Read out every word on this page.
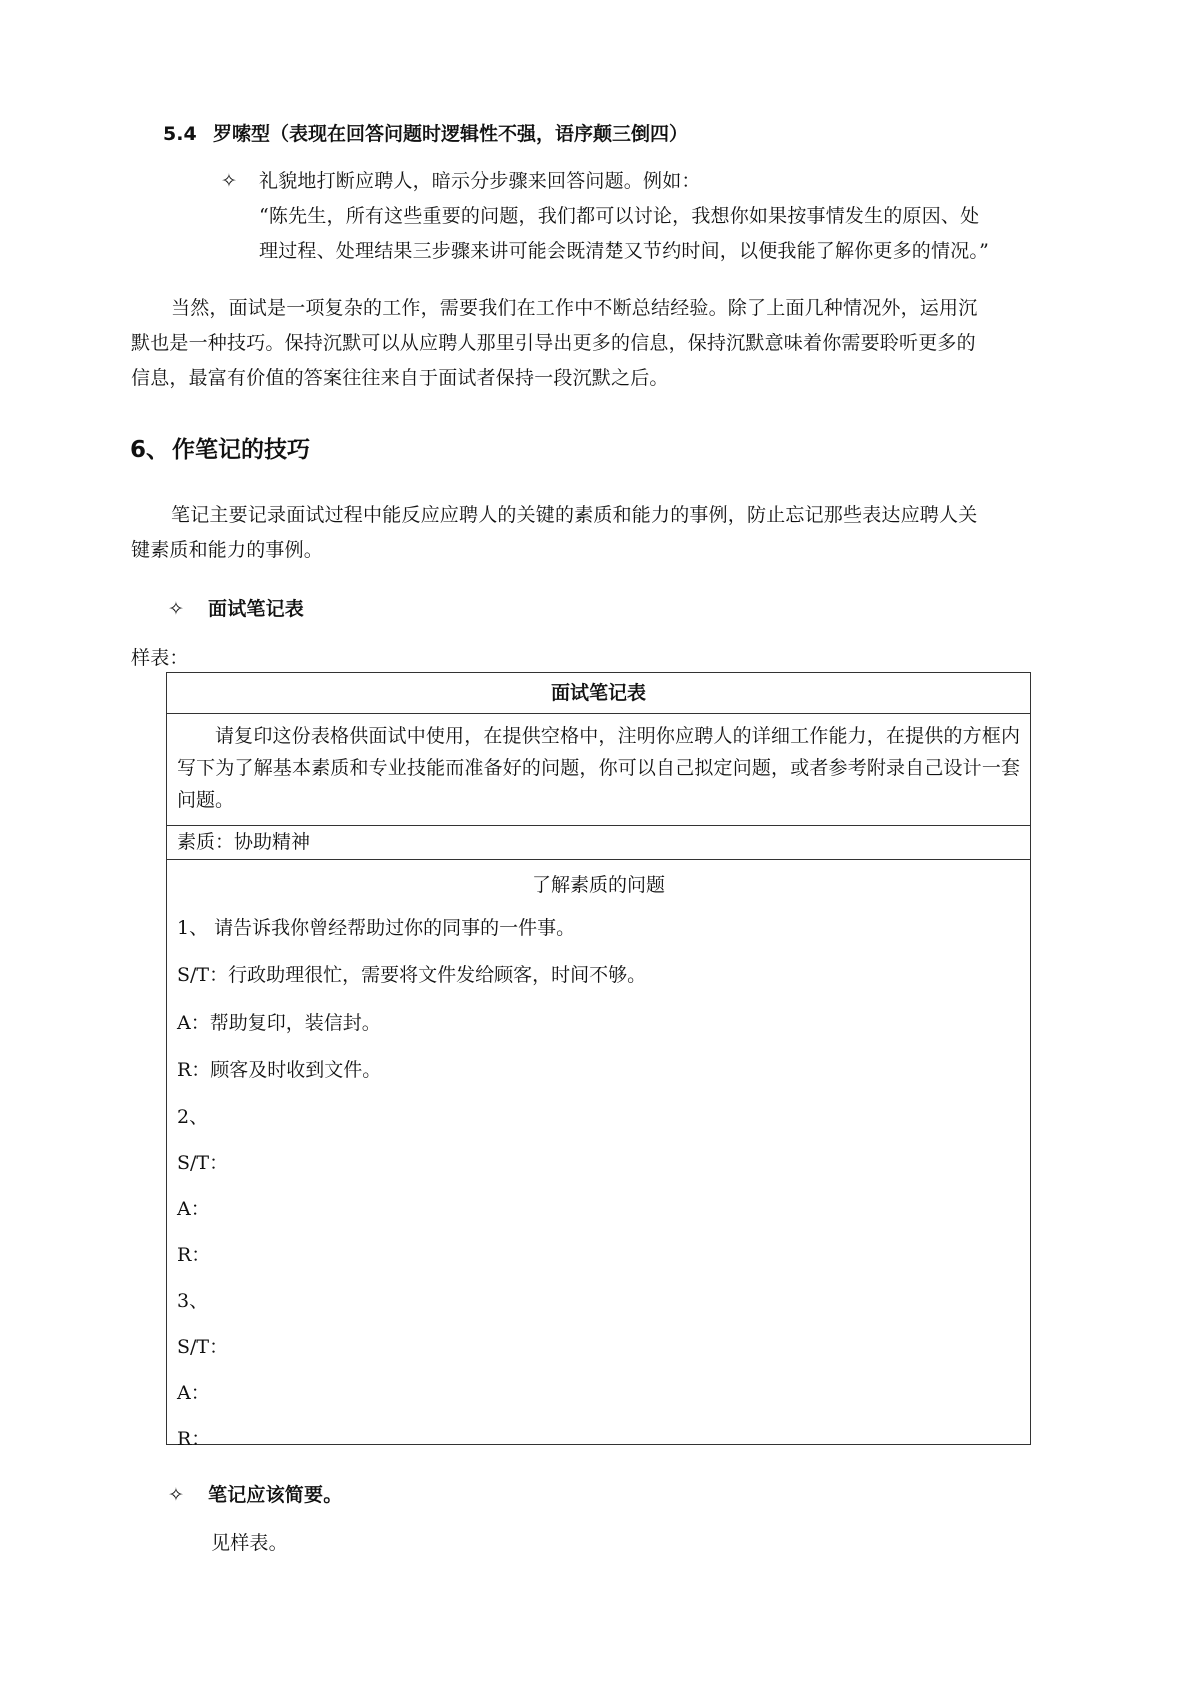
5.4 罗嗦型（表现在回答问题时逻辑性不强，语序颠三倒四）
✧ 礼貌地打断应聘人，暗示分步骤来回答问题。例如：
“陈先生，所有这些重要的问题，我们都可以讨论，我想你如果按事情发生的原因、处
理过程、处理结果三步骤来讲可能会既清楚又节约时间，以便我能了解你更多的情况。”
当然，面试是一项复杂的工作，需要我们在工作中不断总结经验。除了上面几种情况外，运用沉
默也是一种技巧。保持沉默可以从应聘人那里引导出更多的信息，保持沉默意味着你需要聆听更多的
信息，最富有价值的答案往往来自于面试者保持一段沉默之后。
6、 作笔记的技巧
笔记主要记录面试过程中能反应应聘人的关键的素质和能力的事例，防止忘记那些表达应聘人关
键素质和能力的事例。
✧ 面试笔记表
样表：
面试笔记表
请复印这份表格供面试中使用，在提供空格中，注明你应聘人的详细工作能力，在提供的方框内写下为了解基本素质和专业技能而准备好的问题，你可以自己拟定问题，或者参考附录自己设计一套问题。
素质：协助精神
了解素质的问题
1、 请告诉我你曾经帮助过你的同事的一件事。
S/T：行政助理很忙，需要将文件发给顾客，时间不够。
A：帮助复印，装信封。
R：顾客及时收到文件。
2、
S/T：
A：
R：
3、
S/T：
A：
R：
✧ 笔记应该简要。
见样表。
